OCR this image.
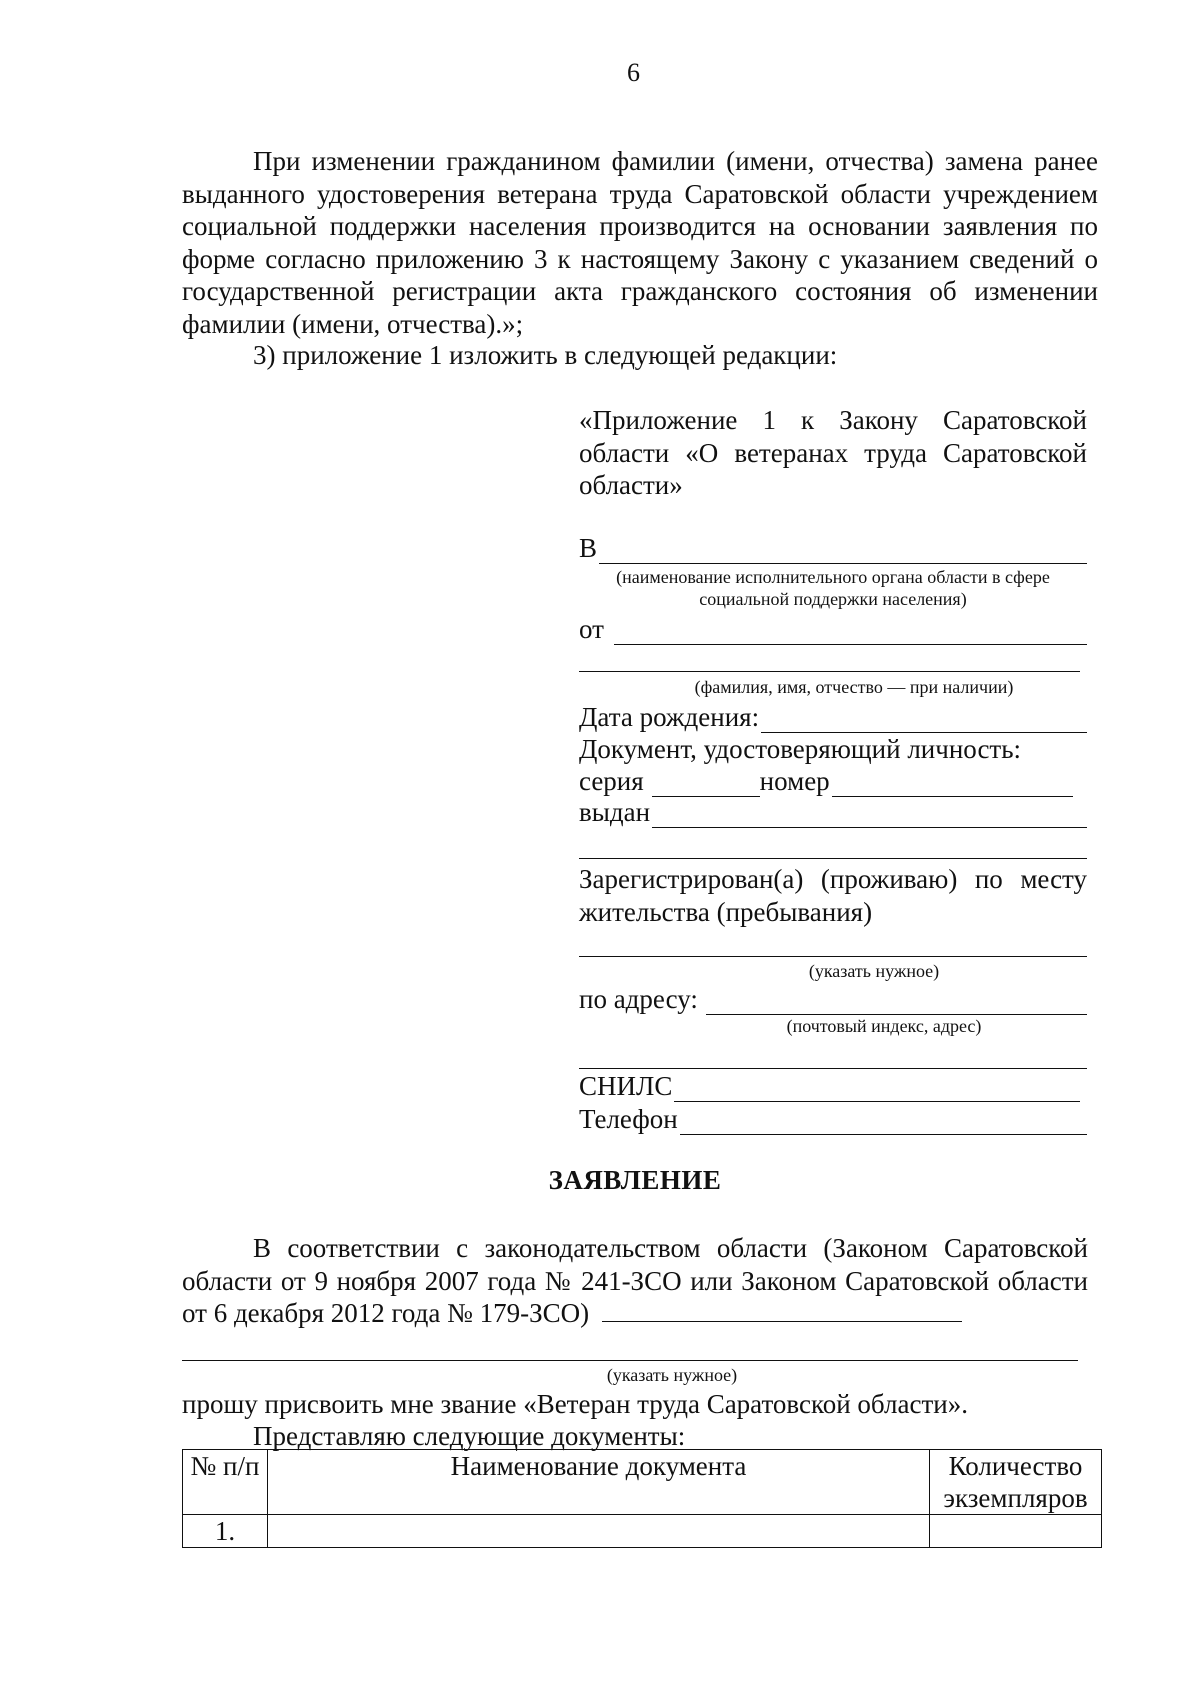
6
При изменении гражданином фамилии (имени, отчества) замена ранее выданного удостоверения ветерана труда Саратовской области учреждением социальной поддержки населения производится на основании заявления по форме согласно приложению 3 к настоящему Закону с указанием сведений о государственной регистрации акта гражданского состояния об изменении фамилии (имени, отчества).»;
3) приложение 1 изложить в следующей редакции:
«Приложение 1 к Закону Саратовской области «О ветеранах труда Саратовской области»
В
(наименование исполнительного органа области в сфере социальной поддержки населения)
от
(фамилия, имя, отчество — при наличии)
Дата рождения:
Документ, удостоверяющий личность:
серия	номер
выдан
Зарегистрирован(а) (проживаю) по месту жительства (пребывания)
(указать нужное)
по адресу:
(почтовый индекс, адрес)
СНИЛС
Телефон
ЗАЯВЛЕНИЕ
В соответствии с законодательством области (Законом Саратовской области от 9 ноября 2007 года № 241-ЗСО или Законом Саратовской области от 6 декабря 2012 года № 179-ЗСО)
(указать нужное)
прошу присвоить мне звание «Ветеран труда Саратовской области».
Представляю следующие документы:
№ п/п	Наименование документа	Количество экземпляров
1.		
